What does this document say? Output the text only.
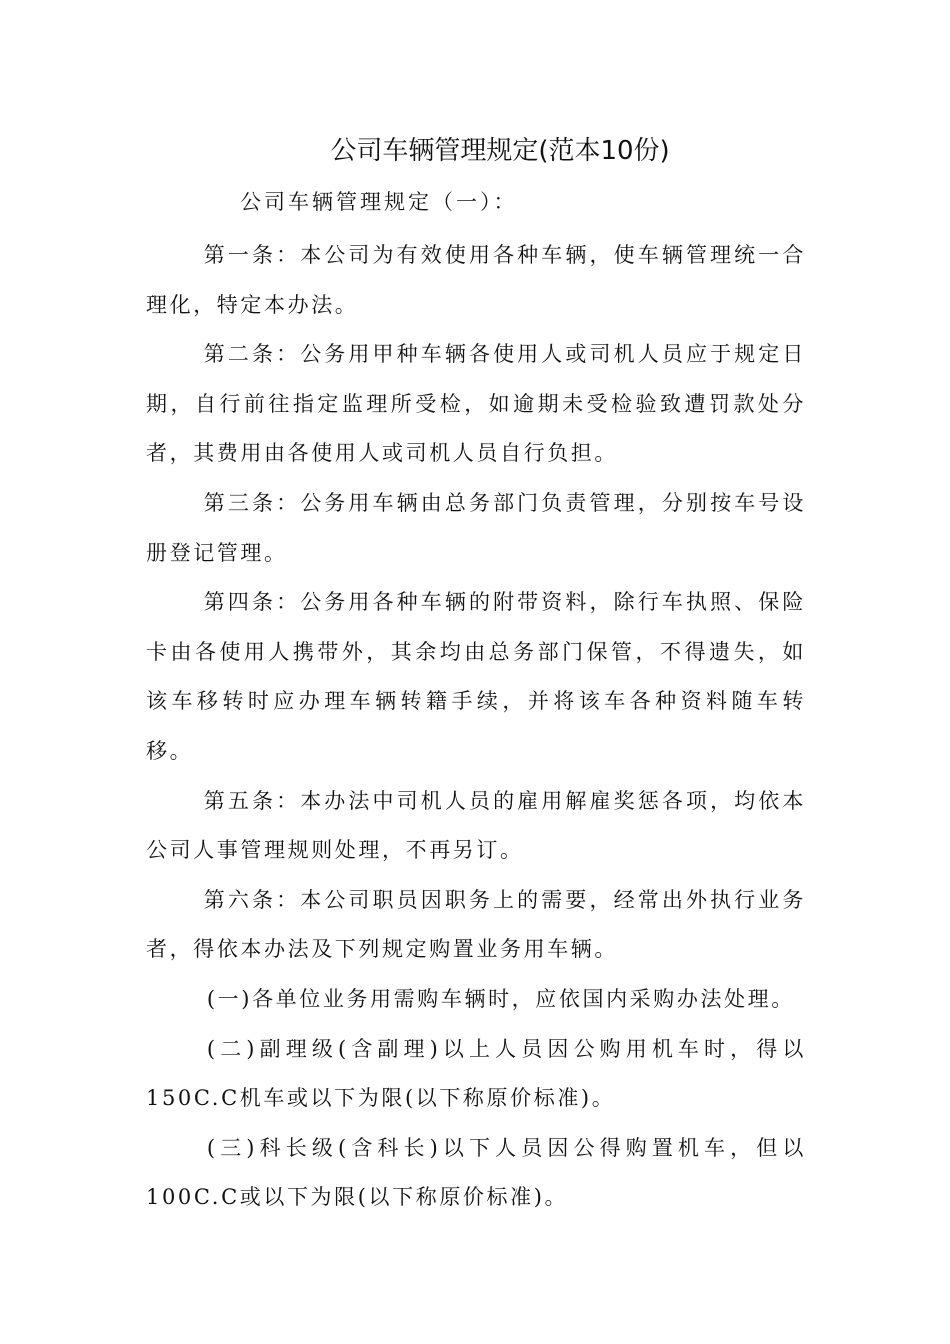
公司车辆管理规定(范本10份)
公司车辆管理规定（一）：

第一条：本公司为有效使用各种车辆，使车辆管理统一合理化，特定本办法。

第二条：公务用甲种车辆各使用人或司机人员应于规定日期，自行前往指定监理所受检，如逾期未受检验致遭罚款处分者，其费用由各使用人或司机人员自行负担。

第三条：公务用车辆由总务部门负责管理，分别按车号设册登记管理。

第四条：公务用各种车辆的附带资料，除行车执照、保险卡由各使用人携带外，其余均由总务部门保管，不得遗失，如该车移转时应办理车辆转籍手续，并将该车各种资料随车转移。

第五条：本办法中司机人员的雇用解雇奖惩各项，均依本公司人事管理规则处理，不再另订。

第六条：本公司职员因职务上的需要，经常出外执行业务者，得依本办法及下列规定购置业务用车辆。

(一)各单位业务用需购车辆时，应依国内采购办法处理。

(二)副理级(含副理)以上人员因公购用机车时，得以150C.C机车或以下为限(以下称原价标准)。

(三)科长级(含科长)以下人员因公得购置机车，但以100C.C或以下为限(以下称原价标准)。
